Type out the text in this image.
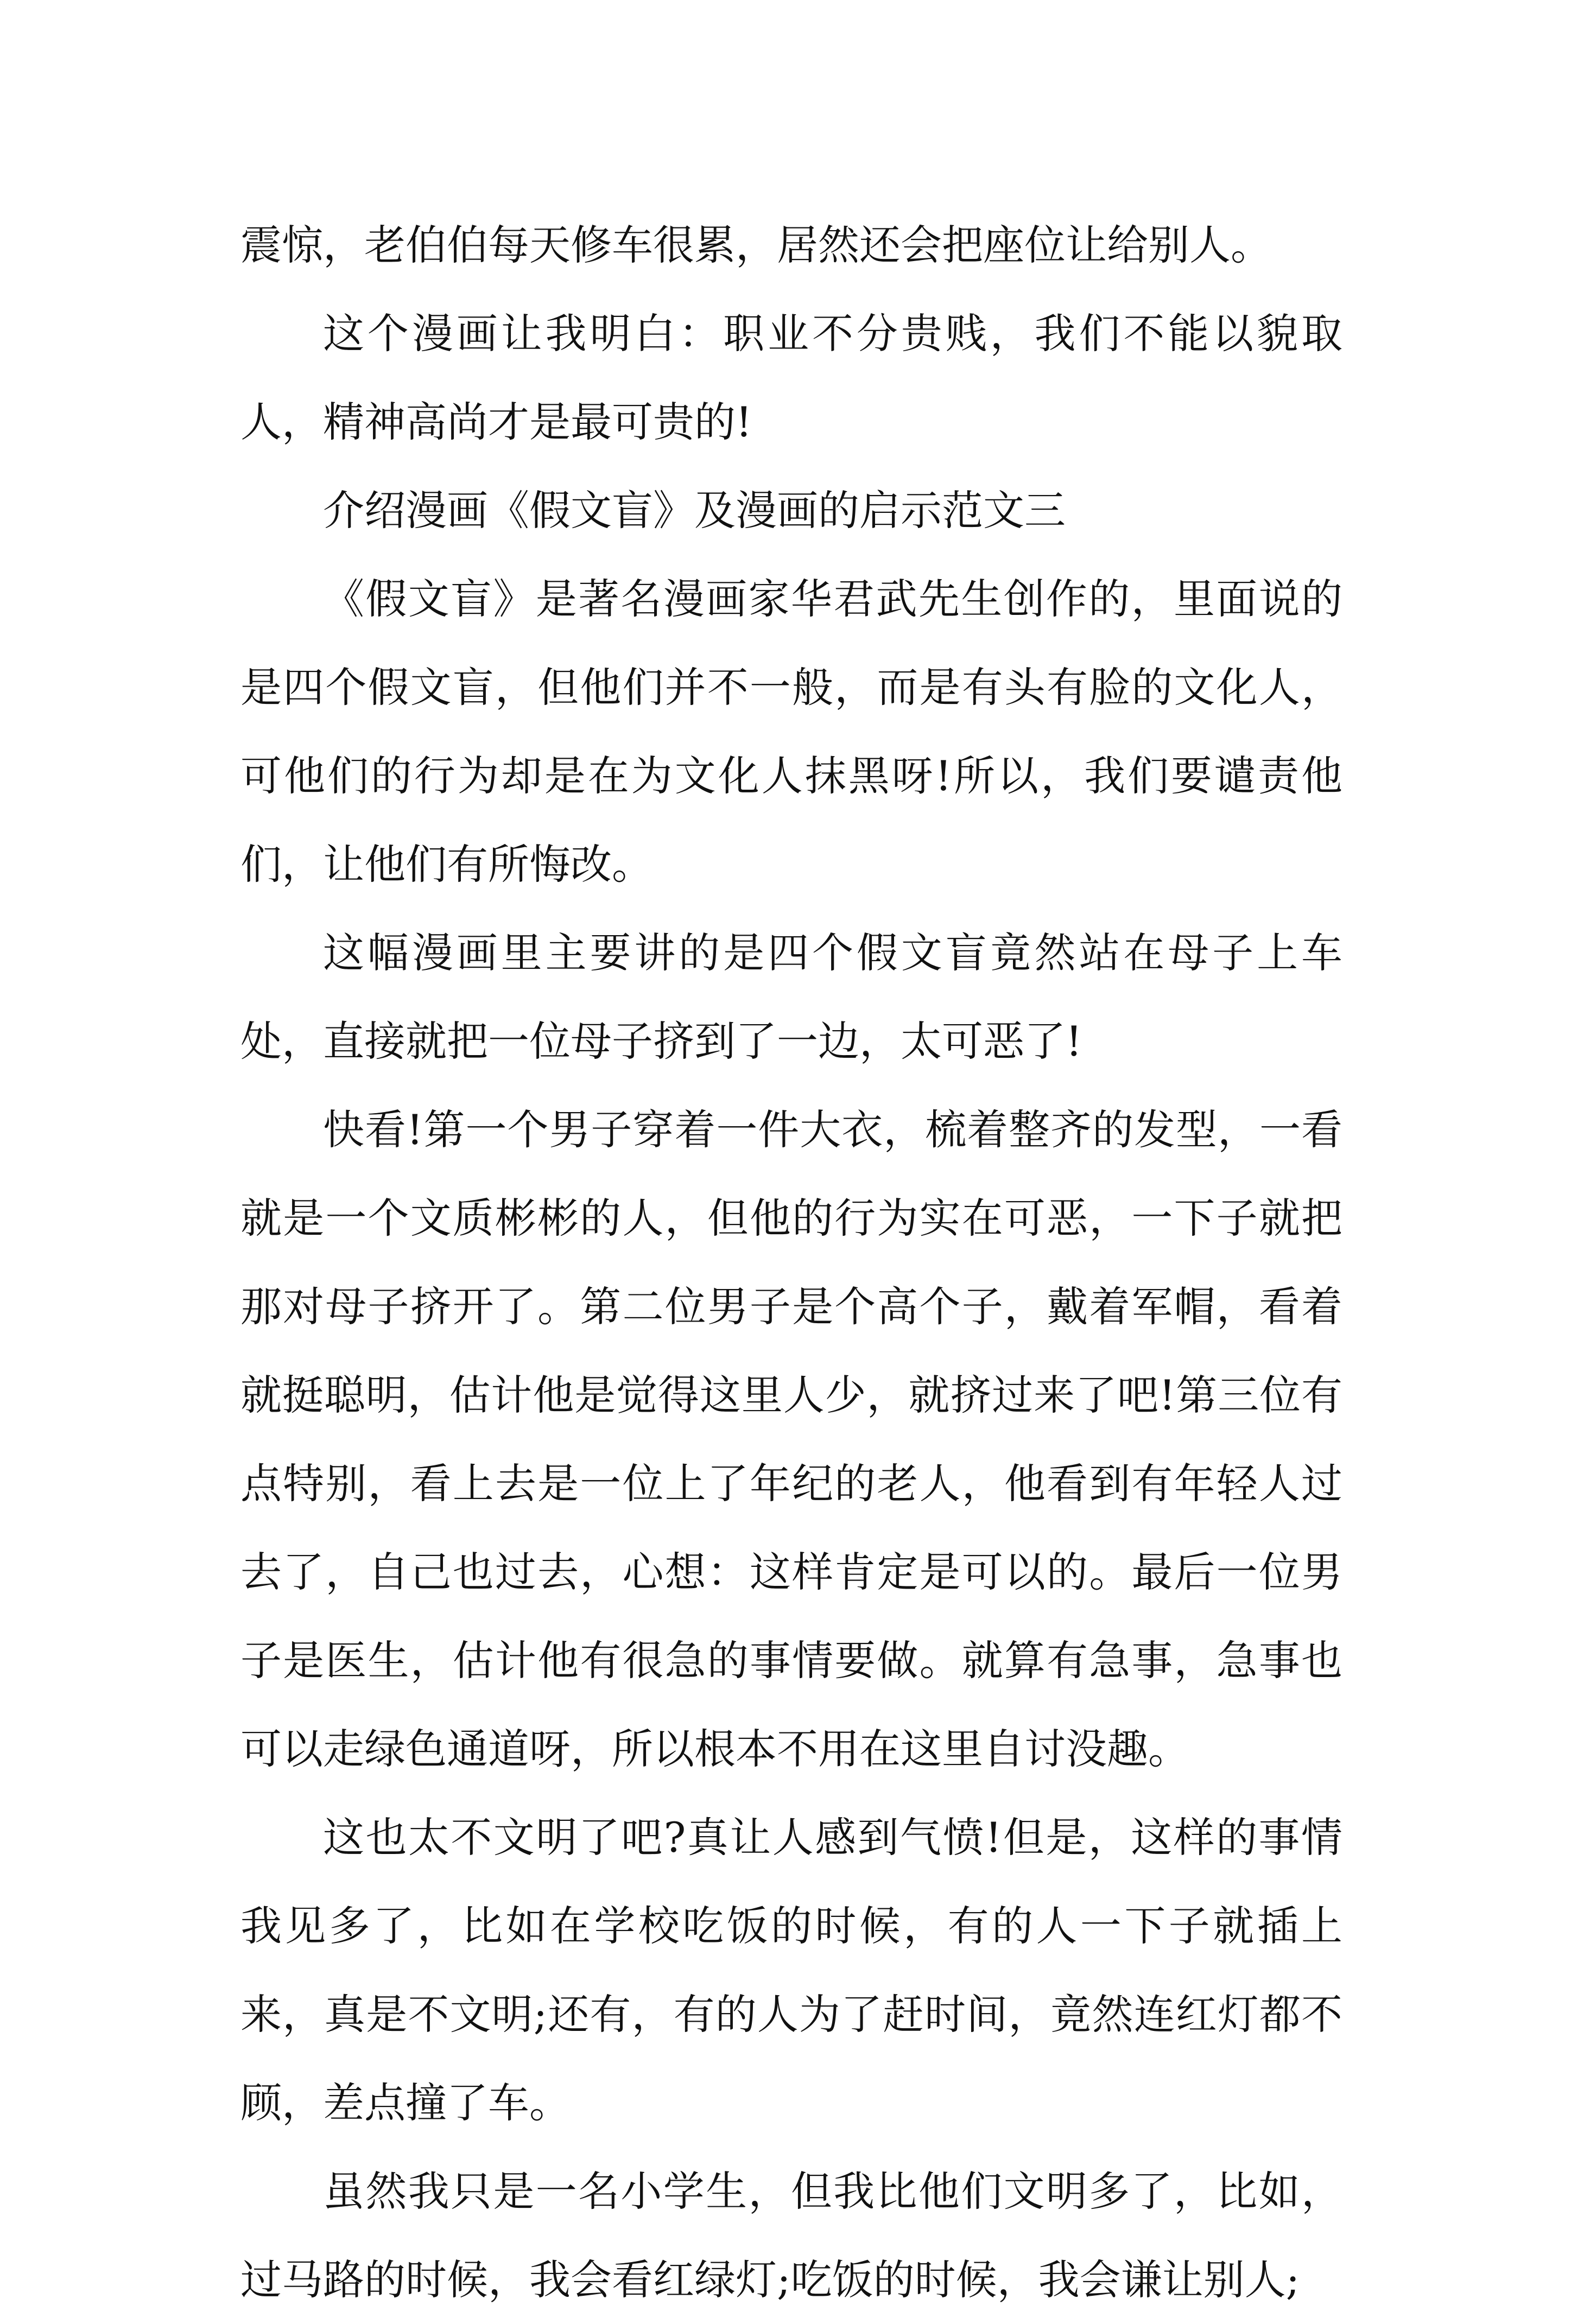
震惊，老伯伯每天修车很累，居然还会把座位让给别人。

这个漫画让我明白：职业不分贵贱，我们不能以貌取人，精神高尚才是最可贵的!

介绍漫画《假文盲》及漫画的启示范文三

《假文盲》是著名漫画家华君武先生创作的，里面说的是四个假文盲，但他们并不一般，而是有头有脸的文化人，可他们的行为却是在为文化人抹黑呀!所以，我们要谴责他们，让他们有所悔改。

这幅漫画里主要讲的是四个假文盲竟然站在母子上车处，直接就把一位母子挤到了一边，太可恶了!

快看!第一个男子穿着一件大衣，梳着整齐的发型，一看就是一个文质彬彬的人，但他的行为实在可恶，一下子就把那对母子挤开了。第二位男子是个高个子，戴着军帽，看着就挺聪明，估计他是觉得这里人少，就挤过来了吧!第三位有点特别，看上去是一位上了年纪的老人，他看到有年轻人过去了，自己也过去，心想：这样肯定是可以的。最后一位男子是医生，估计他有很急的事情要做。就算有急事，急事也可以走绿色通道呀，所以根本不用在这里自讨没趣。

这也太不文明了吧?真让人感到气愤!但是，这样的事情我见多了，比如在学校吃饭的时候，有的人一下子就插上来，真是不文明;还有，有的人为了赶时间，竟然连红灯都不顾，差点撞了车。

虽然我只是一名小学生，但我比他们文明多了，比如，过马路的时候，我会看红绿灯;吃饭的时候，我会谦让别人;
